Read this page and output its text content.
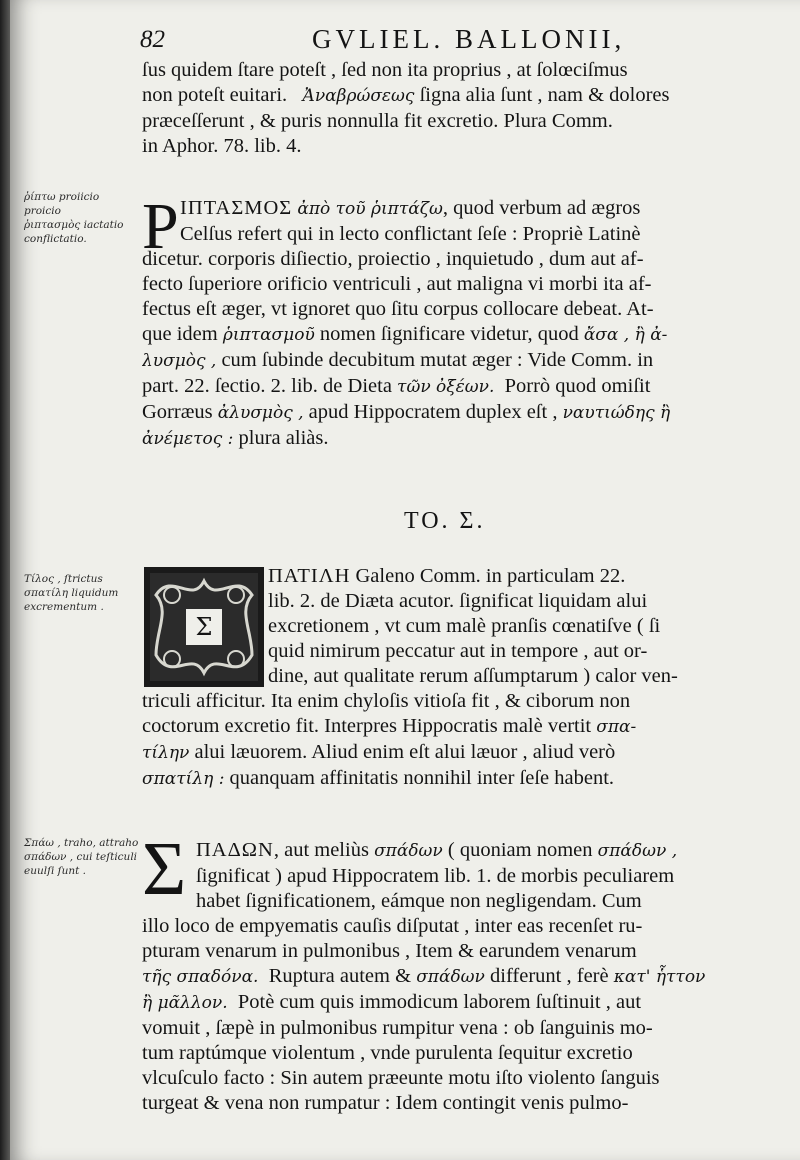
82	GVLIEL. BALLONII,
ſus quidem ſtare poteſt , ſed non ita proprius , at ſolœciſmus
non poteſt euitari. Ἀναβρώσεως ſigna alia ſunt , nam & dolores
præceſſerunt , & puris nonnulla fit excretio. Plura Comm.
in Aphor. 78. lib. 4.
ῥίπτω proiicio
proicio
ῥιπτασμὸς iactatio
conflictatio. P ΙΠΤΑΣΜΟΣ ἀπὸ τοῦ ῥιπτάζω, quod verbum ad ægros
Celſus refert qui in lecto conflictant ſeſe : Propriè Latinè
dicetur. corporis diſiectio, proiectio , inquietudo , dum aut af-
fecto ſuperiore orificio ventriculi , aut maligna vi morbi ita af-
fectus eſt æger, vt ignoret quo ſitu corpus collocare debeat. At-
que idem ῥιπτασμοῦ nomen ſignificare videtur, quod ἄσα , ἢ ἀ-
λυσμὸς , cum ſubinde decubitum mutat æger : Vide Comm. in
part. 22. ſectio. 2. lib. de Dieta τῶν ὀξέων. Porrò quod omiſit
Gorræus ἀλυσμὸς , apud Hippocratem duplex eſt , ναυτιώδης ἢ
ἀνέμετος : plura aliàs.
ΤΟ. Σ.
Τίλος , ſtrictus
σπατίλη liquidum
excrementum .
Σ
ΠΑΤΙΛΗ Galeno Comm. in particulam 22.
lib. 2. de Diæta acutor. ſignificat liquidam alui
excretionem , vt cum malè pranſis cœnatiſve ( ſi
quid nimirum peccatur aut in tempore , aut or-
dine, aut qualitate rerum aſſumptarum ) calor ven-
triculi afficitur. Ita enim chyloſis vitioſa fit , & ciborum non
coctorum excretio fit. Interpres Hippocratis malè vertit σπα-
τίλην alui læuorem. Aliud enim eſt alui læuor , aliud verò
σπατίλη : quanquam affinitatis nonnihil inter ſeſe habent.
Σπάω , traho, attraho
σπάδων , cui teſticuli
euulſi ſunt . Σ ΠΑΔΩΝ, aut meliùs σπάδων ( quoniam nomen σπάδων ,
ſignificat ) apud Hippocratem lib. 1. de morbis peculiarem
habet ſignificationem, eámque non negligendam. Cum
illo loco de empyematis cauſis diſputat , inter eas recenſet ru-
pturam venarum in pulmonibus , Item & earundem venarum
τῆς σπαδόνα. Ruptura autem & σπάδων differunt , ferè κατ' ἧττον
ἢ μᾶλλον. Potè cum quis immodicum laborem ſuſtinuit , aut
vomuit , ſæpè in pulmonibus rumpitur vena : ob ſanguinis mo-
tum raptúmque violentum , vnde purulenta ſequitur excretio
vlcuſculo facto : Sin autem præeunte motu iſto violento ſanguis
turgeat & vena non rumpatur : Idem contingit venis pulmo-
